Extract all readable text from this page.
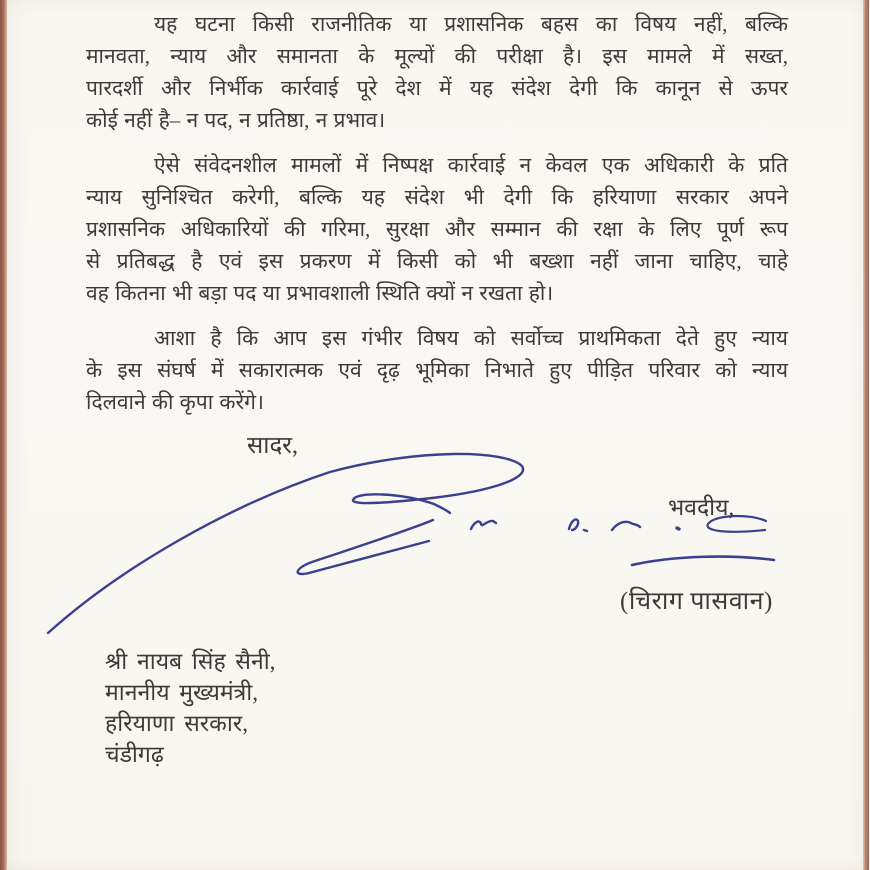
यह घटना किसी राजनीतिक या प्रशासनिक बहस का विषय नहीं, बल्कि
मानवता, न्याय और समानता के मूल्यों की परीक्षा है। इस मामले में सख्त,
पारदर्शी और निर्भीक कार्रवाई पूरे देश में यह संदेश देगी कि कानून से ऊपर
कोई नहीं है– न पद, न प्रतिष्ठा, न प्रभाव।
ऐसे संवेदनशील मामलों में निष्पक्ष कार्रवाई न केवल एक अधिकारी के प्रति
न्याय सुनिश्चित करेगी, बल्कि यह संदेश भी देगी कि हरियाणा सरकार अपने
प्रशासनिक अधिकारियों की गरिमा, सुरक्षा और सम्मान की रक्षा के लिए पूर्ण रूप
से प्रतिबद्ध है एवं इस प्रकरण में किसी को भी बख्शा नहीं जाना चाहिए, चाहे
वह कितना भी बड़ा पद या प्रभावशाली स्थिति क्यों न रखता हो।
आशा है कि आप इस गंभीर विषय को सर्वोच्च प्राथमिकता देते हुए न्याय
के इस संघर्ष में सकारात्मक एवं दृढ़ भूमिका निभाते हुए पीड़ित परिवार को न्याय
दिलवाने की कृपा करेंगे।
सादर,
भवदीय,
(चिराग पासवान)
श्री नायब सिंह सैनी,
माननीय मुख्यमंत्री,
हरियाणा सरकार,
चंडीगढ़
